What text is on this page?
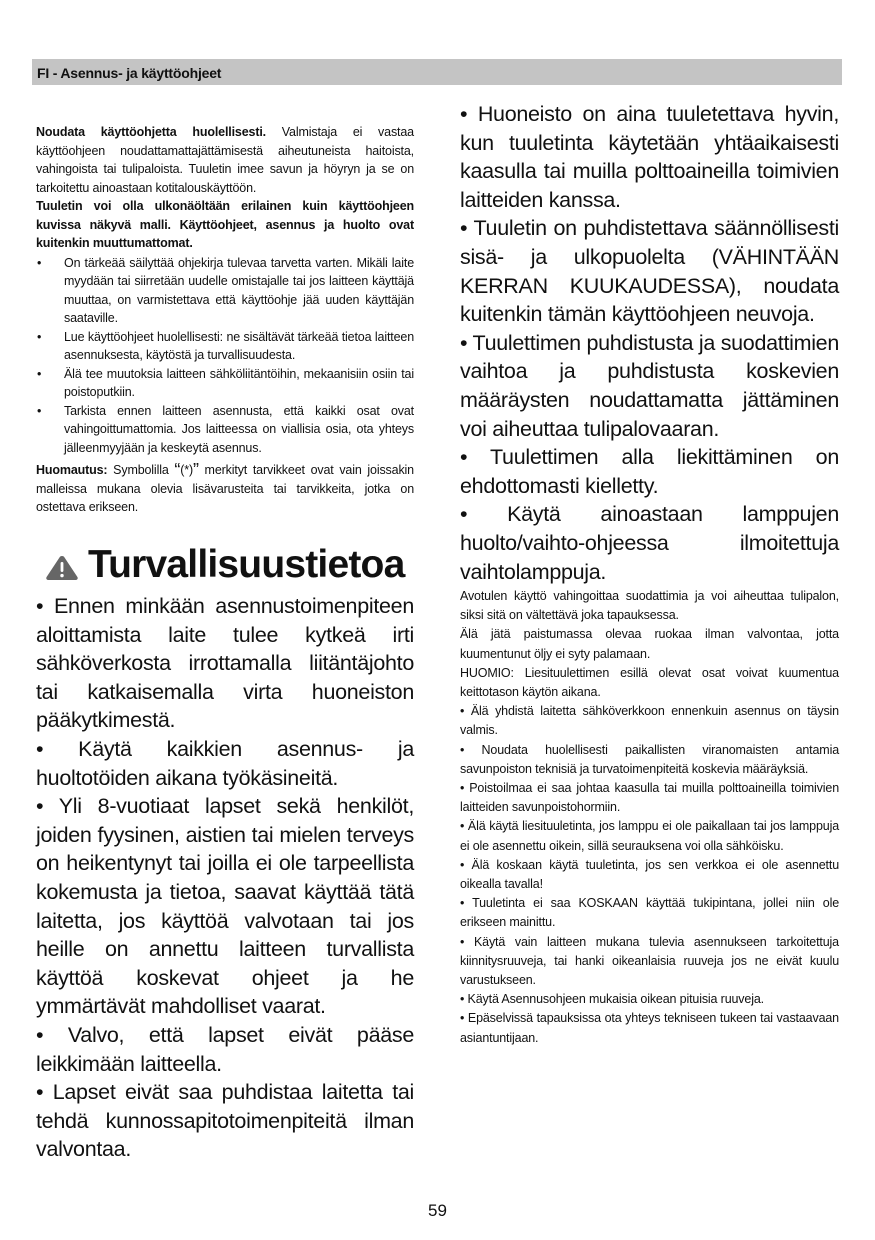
FI - Asennus- ja käyttöohjeet

Noudata käyttöohjetta huolellisesti. Valmistaja ei vastaa käyttöohjeen noudattamattajättämisestä aiheutuneista haitoista, vahingoista tai tulipaloista. Tuuletin imee savun ja höyryn ja se on tarkoitettu ainoastaan kotitalouskäyttöön.

Tuuletin voi olla ulkonäöltään erilainen kuin käyttöohjeen kuvissa näkyvä malli. Käyttöohjeet, asennus ja huolto ovat kuitenkin muuttumattomat.

• On tärkeää säilyttää ohjekirja tulevaa tarvetta varten. Mikäli laite myydään tai siirretään uudelle omistajalle tai jos laitteen käyttäjä muuttaa, on varmistettava että käyttöohje jää uuden käyttäjän saataville.
• Lue käyttöohjeet huolellisesti: ne sisältävät tärkeää tietoa laitteen asennuksesta, käytöstä ja turvallisuudesta.
• Älä tee muutoksia laitteen sähköliitäntöihin, mekaanisiin osiin tai poistoputkiin.
• Tarkista ennen laitteen asennusta, että kaikki osat ovat vahingoittumattomia. Jos laitteessa on viallisia osia, ota yhteys jälleenmyyjään ja keskeytä asennus.

Huomautus: Symbolilla “(*)” merkityt tarvikkeet ovat vain joissakin malleissa mukana olevia lisävarusteita tai tarvikkeita, jotka on ostettava erikseen.

Turvallisuustietoa

• Ennen minkään asennustoimenpiteen aloittamista laite tulee kytkeä irti sähköverkosta irrottamalla liitäntäjohto tai katkaisemalla virta huoneiston pääkytkimestä.

• Käytä kaikkien asennus- ja huoltotöiden aikana työkäsineitä.

• Yli 8-vuotiaat lapset sekä henkilöt, joiden fyysinen, aistien tai mielen terveys on heikentynyt tai joilla ei ole tarpeellista kokemusta ja tietoa, saavat käyttää tätä laitetta, jos käyttöä valvotaan tai jos heille on annettu laitteen turvallista käyttöä koskevat ohjeet ja he ymmärtävät mahdolliset vaarat.

• Valvo, että lapset eivät pääse leikkimään laitteella.

• Lapset eivät saa puhdistaa laitetta tai tehdä kunnossapitotoimenpiteitä ilman valvontaa.

• Huoneisto on aina tuuletettava hyvin, kun tuuletinta käytetään yhtäaikaisesti kaasulla tai muilla polttoaineilla toimivien laitteiden kanssa.

• Tuuletin on puhdistettava säännöllisesti sisä- ja ulkopuolelta (VÄHINTÄÄN KERRAN KUUKAUDESSA), noudata kuitenkin tämän käyttöohjeen neuvoja.

• Tuulettimen puhdistusta ja suodattimien vaihtoa ja puhdistusta koskevien määräysten noudattamatta jättäminen voi aiheuttaa tulipalovaaran.

• Tuulettimen alla liekittäminen on ehdottomasti kielletty.

• Käytä ainoastaan lamppujen huolto/vaihto-ohjeessa ilmoitettuja vaihtolamppuja.

Avotulen käyttö vahingoittaa suodattimia ja voi aiheuttaa tulipalon, siksi sitä on vältettävä joka tapauksessa.

Älä jätä paistumassa olevaa ruokaa ilman valvontaa, jotta kuumentunut öljy ei syty palamaan.

HUOMIO: Liesituulettimen esillä olevat osat voivat kuumentua keittotason käytön aikana.

• Älä yhdistä laitetta sähköverkkoon ennenkuin asennus on täysin valmis.

• Noudata huolellisesti paikallisten viranomaisten antamia savunpoiston teknisiä ja turvatoimenpiteitä koskevia määräyksiä.

• Poistoilmaa ei saa johtaa kaasulla tai muilla polttoaineilla toimivien laitteiden savunpoistohormiin.

• Älä käytä liesituuletinta, jos lamppu ei ole paikallaan tai jos lamppuja ei ole asennettu oikein, sillä seurauksena voi olla sähköisku.

• Älä koskaan käytä tuuletinta, jos sen verkkoa ei ole asennettu oikealla tavalla!

• Tuuletinta ei saa KOSKAAN käyttää tukipintana, jollei niin ole erikseen mainittu.

• Käytä vain laitteen mukana tulevia asennukseen tarkoitettuja kiinnitysruuveja, tai hanki oikeanlaisia ruuveja jos ne eivät kuulu varustukseen.

• Käytä Asennusohjeen mukaisia oikean pituisia ruuveja.

• Epäselvissä tapauksissa ota yhteys tekniseen tukeen tai vastaavaan asiantuntijaan.

59
